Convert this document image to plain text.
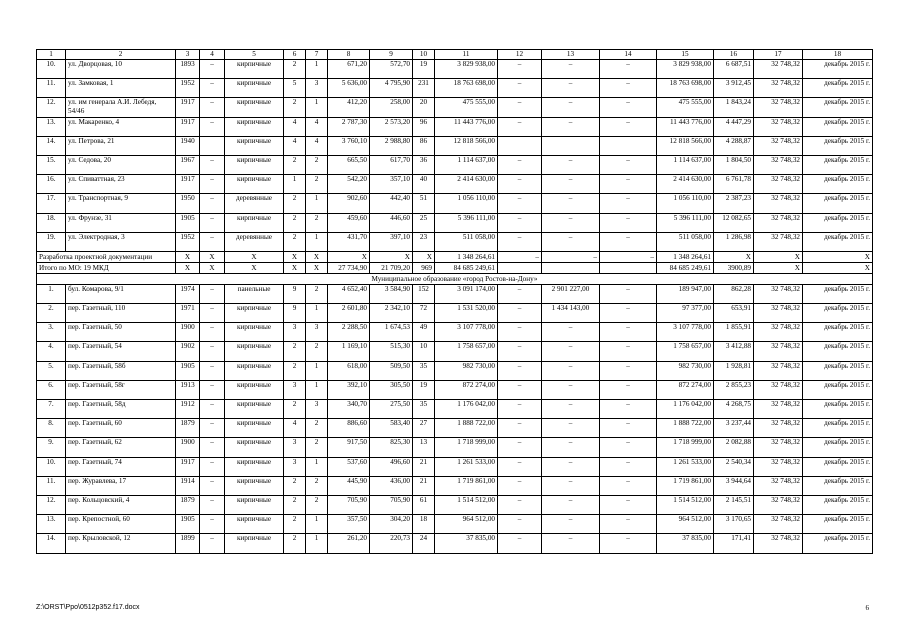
1	2	3	4	5	6	7	8	9	10	11	12	13	14	15	16	17	18
10.	ул. Дворцовая, 10	1893	–	кирпичные	2	1	671,20	572,70	19	3 829 938,00	–	–	–	3 829 938,00	6 687,51	32 748,32	декабрь 2015 г.
11.	ул. Замковая, 1	1952	–	кирпичные	5	3	5 636,00	4 795,90	231	18 763 698,00	–	–	–	18 763 698,00	3 912,45	32 748,32	декабрь 2015 г.
12.	ул. им генерала А.И. Лебедя, 54/46	1917	–	кирпичные	2	1	412,20	258,00	20	475 555,00	–	–	–	475 555,00	1 843,24	32 748,32	декабрь 2015 г.
13.	ул. Макаренко, 4	1917	–	кирпичные	4	4	2 787,30	2 573,20	96	11 443 776,00	–	–	–	11 443 776,00	4 447,29	32 748,32	декабрь 2015 г.
14.	ул. Петрова, 21	1940		кирпичные	4	4	3 760,10	2 988,80	86	12 818 566,00				12 818 566,00	4 288,87	32 748,32	декабрь 2015 г.
15.	ул. Седова, 20	1967	–	кирпичные	2	2	665,50	617,70	36	1 114 637,00	–	–	–	1 114 637,00	1 804,50	32 748,32	декабрь 2015 г.
16.	ул. Спиваттная, 23	1917	–	кирпичные	1	2	542,20	357,10	40	2 414 630,00	–	–	–	2 414 630,00	6 761,78	32 748,32	декабрь 2015 г.
17.	ул. Транспортная, 9	1950	–	деревянные	2	1	902,60	442,40	51	1 056 110,00	–	–	–	1 056 110,00	2 387,23	32 748,32	декабрь 2015 г.
18.	ул. Фрунзе, 31	1905	–	кирпичные	2	2	459,60	446,60	25	5 396 111,00	–	–	–	5 396 111,00	12 082,65	32 748,32	декабрь 2015 г.
19.	ул. Электродная, 3	1952	–	деревянные	2	1	431,70	397,10	23	511 058,00	–	–	–	511 058,00	1 286,98	32 748,32	декабрь 2015 г.
Разработка проектной документации		X	X	X	X	X	X	X	X	1 348 264,61	–	–	–	1 348 264,61	X	X	X
Итого по МО: 19 МКД		X	X	X	X	X	27 734,90	21 709,20	969	84 685 249,61				84 685 249,61	3900,89	X	X
Муниципальное образование «город Ростов-на-Дону»																	
1.	бул. Комарова, 9/1	1974	–	панельные	9	2	4 652,40	3 584,90	152	3 091 174,00	–	2 901 227,00	–	189 947,00	862,28	32 748,32	декабрь 2015 г.
2.	пер. Газетный, 110	1971	–	кирпичные	9	1	2 601,80	2 342,10	72	1 531 520,00	–	1 434 143,00	–	97 377,00	653,91	32 748,32	декабрь 2015 г.
3.	пер. Газетный, 50	1900	–	кирпичные	3	3	2 288,50	1 674,53	49	3 107 778,00	–	–	–	3 107 778,00	1 855,91	32 748,32	декабрь 2015 г.
4.	пер. Газетный, 54	1902	–	кирпичные	2	2	1 169,10	515,30	10	1 758 657,00	–	–	–	1 758 657,00	3 412,88	32 748,32	декабрь 2015 г.
5.	пер. Газетный, 58б	1905	–	кирпичные	2	1	618,00	509,50	35	982 730,00	–	–	–	982 730,00	1 928,81	32 748,32	декабрь 2015 г.
6.	пер. Газетный, 58г	1913	–	кирпичные	3	1	392,10	305,50	19	872 274,00	–	–	–	872 274,00	2 855,23	32 748,32	декабрь 2015 г.
7.	пер. Газетный, 58д	1912	–	кирпичные	2	3	340,70	275,50	35	1 176 042,00	–	–	–	1 176 042,00	4 268,75	32 748,32	декабрь 2015 г.
8.	пер. Газетный, 60	1879	–	кирпичные	4	2	886,60	583,40	27	1 888 722,00	–	–	–	1 888 722,00	3 237,44	32 748,32	декабрь 2015 г.
9.	пер. Газетный, 62	1900	–	кирпичные	3	2	917,50	825,30	13	1 718 999,00	–	–	–	1 718 999,00	2 082,88	32 748,32	декабрь 2015 г.
10.	пер. Газетный, 74	1917	–	кирпичные	3	1	537,60	496,60	21	1 261 533,00	–	–	–	1 261 533,00	2 540,34	32 748,32	декабрь 2015 г.
11.	пер. Журавлева, 17	1914	–	кирпичные	2	2	445,90	436,00	21	1 719 861,00	–	–	–	1 719 861,00	3 944,64	32 748,32	декабрь 2015 г.
12.	пер. Кольцовский, 4	1879	–	кирпичные	2	2	705,90	705,90	61	1 514 512,00	–	–	–	1 514 512,00	2 145,51	32 748,32	декабрь 2015 г.
13.	пер. Крепостной, 60	1905	–	кирпичные	2	1	357,50	304,20	18	964 512,00	–	–	–	964 512,00	3 170,65	32 748,32	декабрь 2015 г.
14.	пер. Крыловской, 12	1899	–	кирпичные	2	1	261,20	220,73	24	37 835,00	–	–	–	37 835,00	171,41	32 748,32	декабрь 2015 г.
Z:\ORST\Ppo\0512p352.f17.docx	6
